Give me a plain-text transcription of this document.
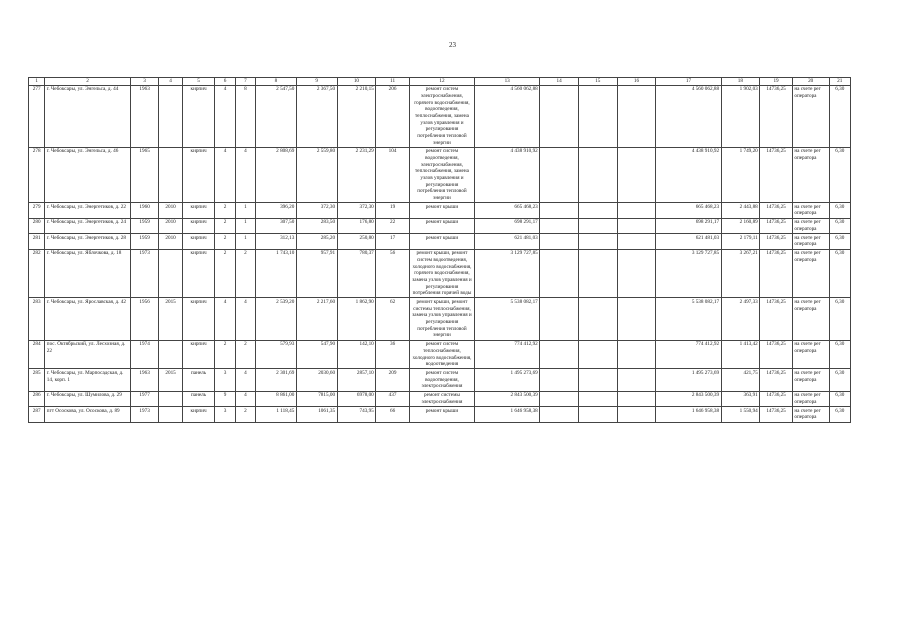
23
1	2	3	4	5	6	7	8	9	10	11	12	13	14	15	16	17	18	19	20	21
277	г. Чебоксары, ул. Энгельса, д. 44	1963		кирпич	4	8	2 547,50	2 367,50	2 210,15	206	ремонт систем электроснабжения, горячего водоснабжения, водоотведения, теплоснабжения, замена узлов управления и регулирования потребления тепловой энергии	4 560 062,88				4 560 062,88	1 902,03	14736,25	на счете рег оператора	6,30
278	г. Чебоксары, ул. Энгельса, д. 46	1965		кирпич	4	4	2 808,69	2 559,80	2 231,29	104	ремонт систем водоотведения, электроснабжения, теплоснабжения, замена узлов управления и регулирования потребления тепловой энергии	4 438 910,92				4 438 910,92	1 749,20	14736,25	на счете рег оператора	6,30
279	г. Чебоксары, ул. Энергетиков, д. 22	1960	2010	кирпич	2	1	396,20	372,30	372,30	19	ремонт крыши	665 468,23				665 468,23	2 443,88	14736,25	на счете рег оператора	6,30
280	г. Чебоксары, ул. Энергетиков, д. 24	1959	2010	кирпич	2	1	307,50	283,50	176,80	22	ремонт крыши	698 291,17				698 291,17	2 160,89	14736,25	на счете рег оператора	6,30
281	г. Чебоксары, ул. Энергетиков, д. 28	1959	2010	кирпич	2	1	312,13	285,20	250,80	17	ремонт крыши	621 481,03				621 481,03	2 179,11	14736,25	на счете рег оператора	6,30
282	г. Чебоксары, ул. Яблочкова, д. 18	1973		кирпич	2	2	1 743,10	957,91	780,37	56	ремонт крыши, ремонт систем водоотведения, холодного водоснабжения, горячего водоснабжения, замена узлов управления и регулирования потребления горячей воды	3 129 727,85				3 129 727,85	3 267,21	14736,25	на счете рег оператора	6,30
283	г. Чебоксары, ул. Ярославская, д. 42	1956	2015	кирпич	4	4	2 539,20	2 217,60	1 862,90	62	ремонт крыши, ремонт системы теплоснабжения, замена узлов управления и регулирования потребления тепловой энергии	5 538 082,17				5 538 082,17	2 497,33	14736,25	на счете рег оператора	6,30
284	пос. Октябрьский, ул. Лесхозная, д. 22	1974		кирпич	2	2	579,93	547,90	142,10	36	ремонт систем теплоснабжения, холодного водоснабжения, водоотведения	774 412,92				774 412,92	1 413,42	14736,25	на счете рег оператора	6,30
285	г. Чебоксары, ул. Марпосадская, д. 14, корп. 1	1963	2015	панель	3	4	2 301,69	2030,60	2857,10	209	ремонт систем водоотведения, электроснабжения	1 495 273,69				1 495 273,69	421,75	14736,25	на счете рег оператора	6,30
286	г. Чебоксары, ул. Шумилова, д. 29	1977		панель	9	4	8 861,00	7815,00	6978,00	437	ремонт системы электроснабжения	2 843 500,39				2 843 500,39	363,91	14736,25	на счете рег оператора	6,30
287	пгт Ососкова, ул. Ососкова, д. 89	1973		кирпич	3	2	1 118,45	1061,35	743,95	66	ремонт крыши	1 646 958,38				1 646 958,38	1 550,94	14736,25	на счете рег оператора	6,30
